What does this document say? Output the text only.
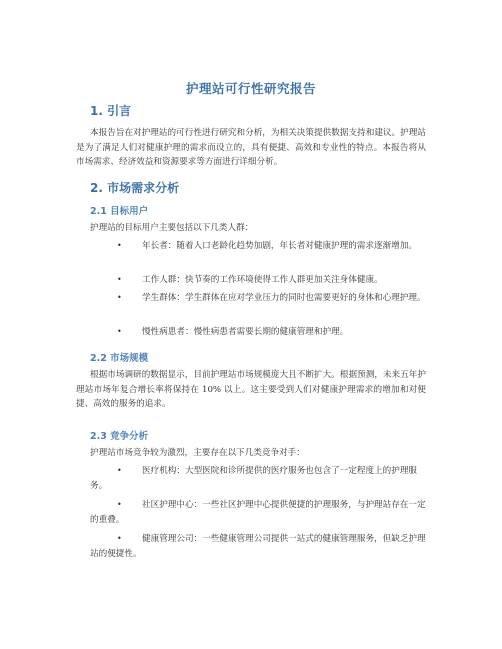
护理站可行性研究报告
1. 引言
本报告旨在对护理站的可行性进行研究和分析，为相关决策提供数据支持和建议。护理站是为了满足人们对健康护理的需求而设立的，具有便捷、高效和专业性的特点。本报告将从市场需求、经济效益和资源要求等方面进行详细分析。
2. 市场需求分析
2.1 目标用户
护理站的目标用户主要包括以下几类人群：
•	年长者：随着人口老龄化趋势加剧，年长者对健康护理的需求逐渐增加。
•	工作人群：快节奏的工作环境使得工作人群更加关注身体健康。
•	学生群体：学生群体在应对学业压力的同时也需要更好的身体和心理护理。
•	慢性病患者：慢性病患者需要长期的健康管理和护理。
2.2 市场规模
根据市场调研的数据显示，目前护理站市场规模庞大且不断扩大。根据预测，未来五年护理站市场年复合增长率将保持在 10% 以上。这主要受到人们对健康护理需求的增加和对便捷、高效的服务的追求。
2.3 竞争分析
护理站市场竞争较为激烈，主要存在以下几类竞争对手：
•	医疗机构：大型医院和诊所提供的医疗服务也包含了一定程度上的护理服务。
•	社区护理中心：一些社区护理中心提供便捷的护理服务，与护理站存在一定的重叠。
•	健康管理公司：一些健康管理公司提供一站式的健康管理服务，但缺乏护理站的便捷性。
